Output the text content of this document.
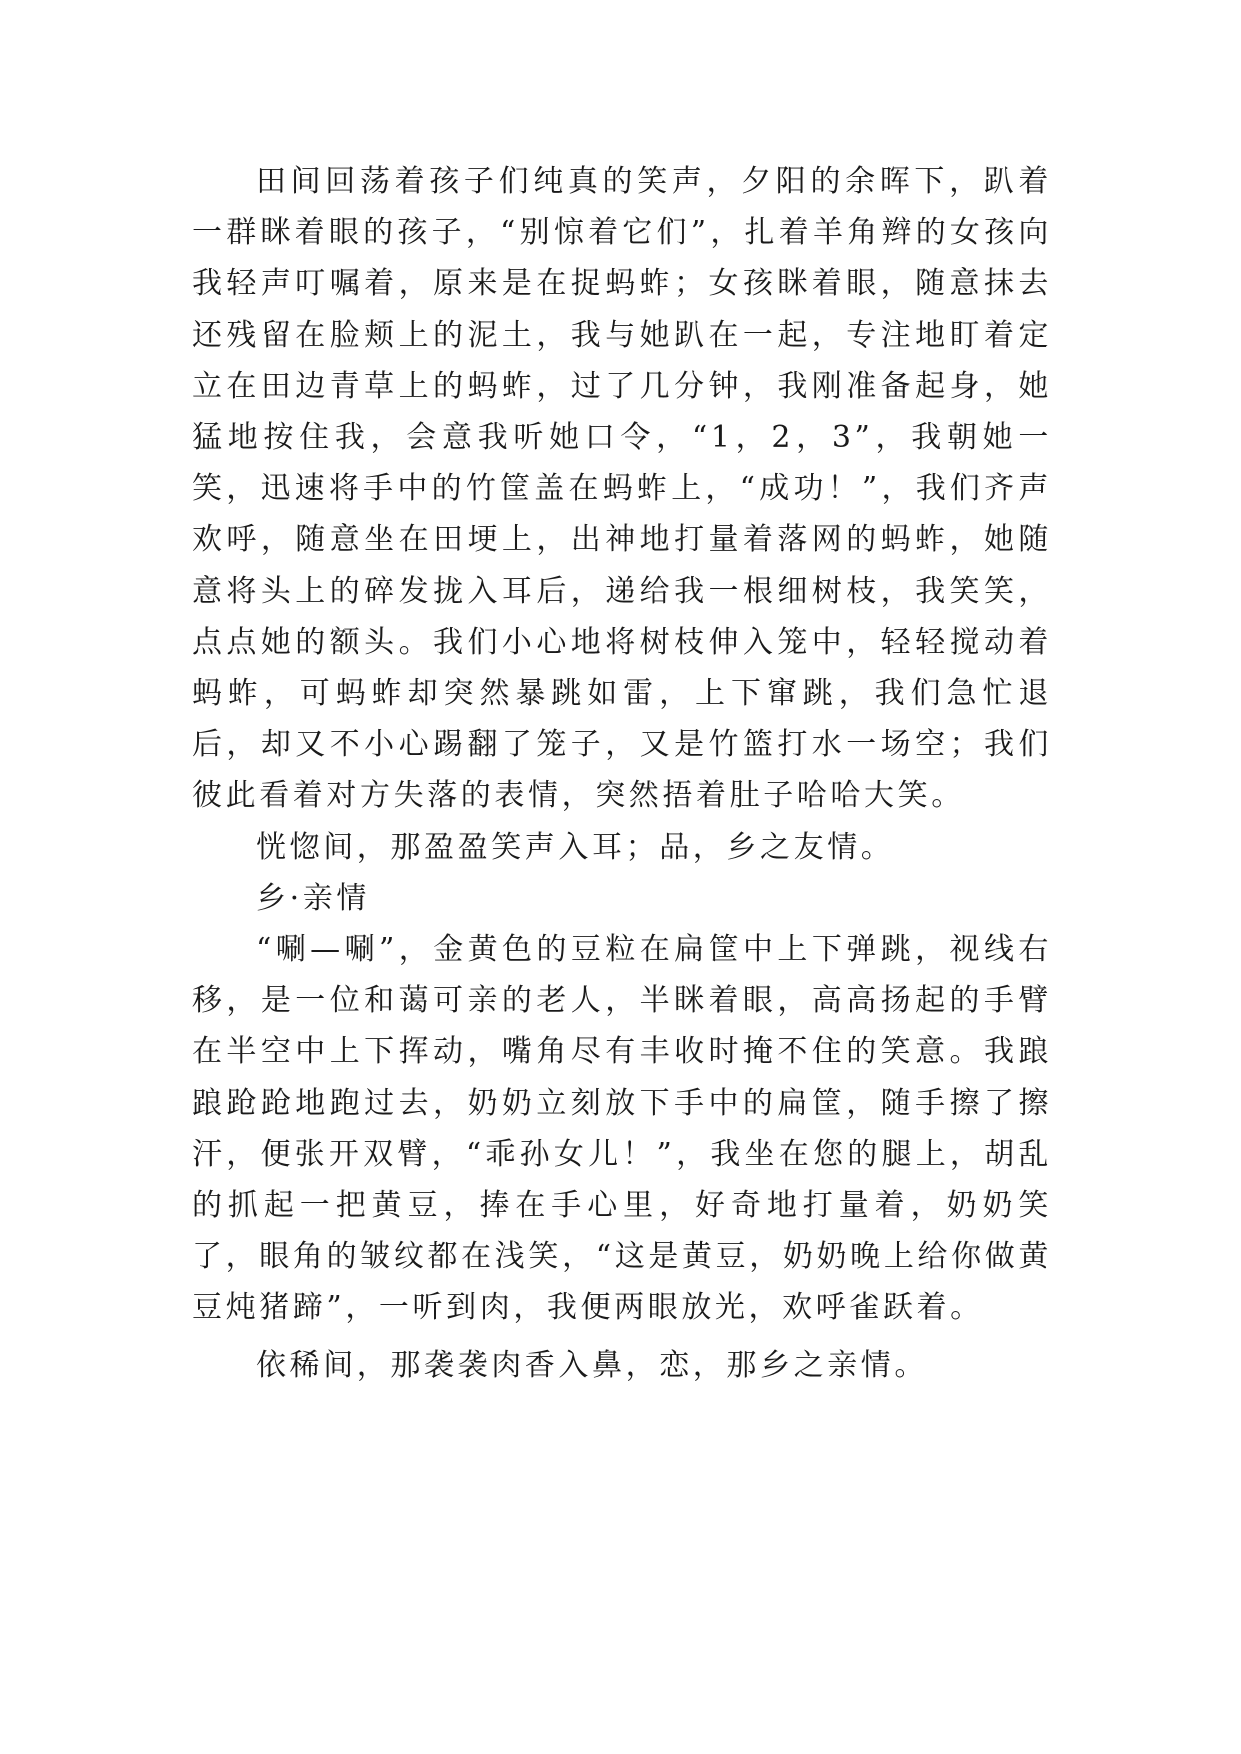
田间回荡着孩子们纯真的笑声，夕阳的余晖下，趴着一群眯着眼的孩子，“别惊着它们”，扎着羊角辫的女孩向我轻声叮嘱着，原来是在捉蚂蚱；女孩眯着眼，随意抹去还残留在脸颊上的泥土，我与她趴在一起，专注地盯着定立在田边青草上的蚂蚱，过了几分钟，我刚准备起身，她猛地按住我，会意我听她口令，“1，2，3”，我朝她一笑，迅速将手中的竹筐盖在蚂蚱上，“成功！”，我们齐声欢呼，随意坐在田埂上，出神地打量着落网的蚂蚱，她随意将头上的碎发拢入耳后，递给我一根细树枝，我笑笑，点点她的额头。我们小心地将树枝伸入笼中，轻轻搅动着蚂蚱，可蚂蚱却突然暴跳如雷，上下窜跳，我们急忙退后，却又不小心踢翻了笼子，又是竹篮打水一场空；我们彼此看着对方失落的表情，突然捂着肚子哈哈大笑。

恍惚间，那盈盈笑声入耳；品，乡之友情。

乡·亲情

“唰—唰”，金黄色的豆粒在扁筐中上下弹跳，视线右移，是一位和蔼可亲的老人，半眯着眼，高高扬起的手臂在半空中上下挥动，嘴角尽有丰收时掩不住的笑意。我踉踉跄跄地跑过去，奶奶立刻放下手中的扁筐，随手擦了擦汗，便张开双臂，“乖孙女儿！”，我坐在您的腿上，胡乱的抓起一把黄豆，捧在手心里，好奇地打量着，奶奶笑了，眼角的皱纹都在浅笑，“这是黄豆，奶奶晚上给你做黄豆炖猪蹄”，一听到肉，我便两眼放光，欢呼雀跃着。

依稀间，那袭袭肉香入鼻，恋，那乡之亲情。
